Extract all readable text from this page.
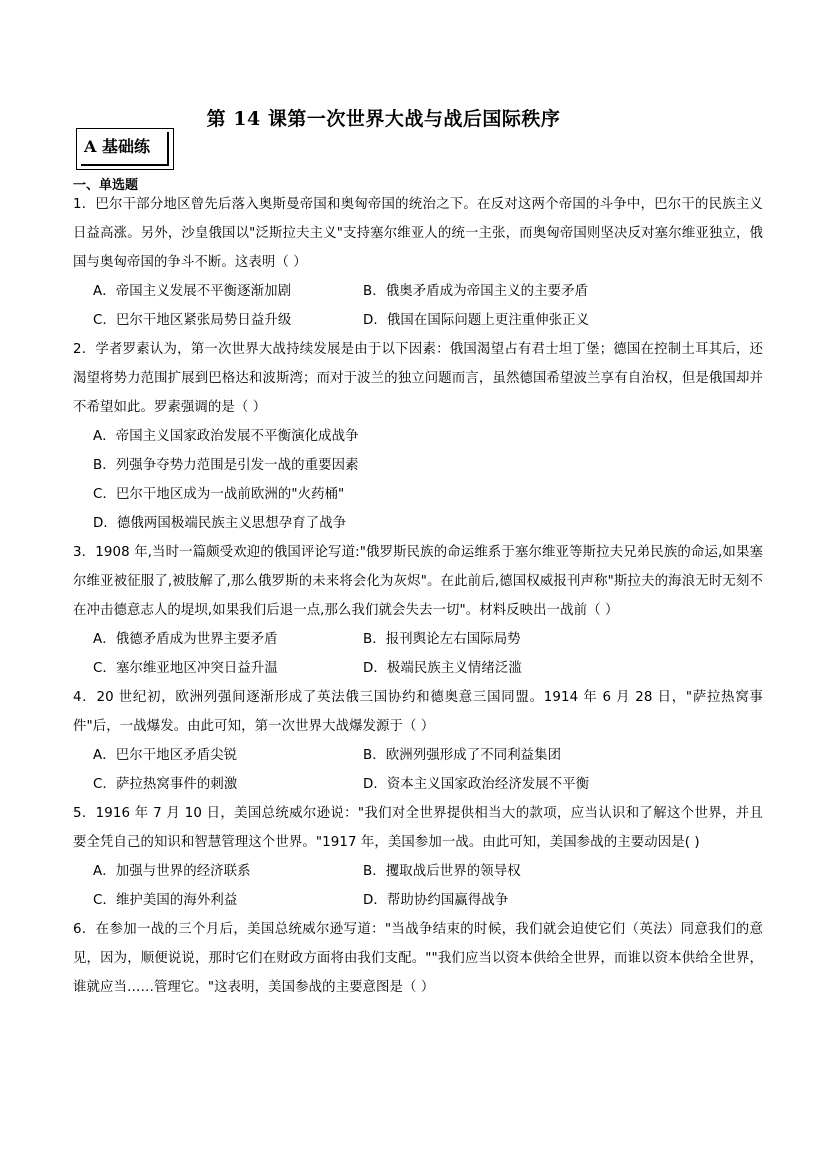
第 14 课第一次世界大战与战后国际秩序
A 基础练
一、单选题
1．巴尔干部分地区曾先后落入奥斯曼帝国和奥匈帝国的统治之下。在反对这两个帝国的斗争中，巴尔干的民族主义日益高涨。另外，沙皇俄国以"泛斯拉夫主义"支持塞尔维亚人的统一主张，而奥匈帝国则坚决反对塞尔维亚独立，俄国与奥匈帝国的争斗不断。这表明（ ）
A．帝国主义发展不平衡逐渐加剧	B．俄奥矛盾成为帝国主义的主要矛盾
C．巴尔干地区紧张局势日益升级	D．俄国在国际问题上更注重伸张正义
2．学者罗素认为，第一次世界大战持续发展是由于以下因素：俄国渴望占有君士坦丁堡；德国在控制土耳其后，还渴望将势力范围扩展到巴格达和波斯湾；而对于波兰的独立问题而言，虽然德国希望波兰享有自治权，但是俄国却并不希望如此。罗素强调的是（ ）
A．帝国主义国家政治发展不平衡演化成战争
B．列强争夺势力范围是引发一战的重要因素
C．巴尔干地区成为一战前欧洲的"火药桶"
D．德俄两国极端民族主义思想孕育了战争
3．1908 年,当时一篇颇受欢迎的俄国评论写道:"俄罗斯民族的命运维系于塞尔维亚等斯拉夫兄弟民族的命运,如果塞尔维亚被征服了,被肢解了,那么俄罗斯的未来将会化为灰烬"。在此前后,德国权威报刊声称"斯拉夫的海浪无时无刻不在冲击德意志人的堤坝,如果我们后退一点,那么我们就会失去一切"。材料反映出一战前（ ）
A．俄德矛盾成为世界主要矛盾	B．报刊舆论左右国际局势
C．塞尔维亚地区冲突日益升温	D．极端民族主义情绪泛滥
4．20 世纪初，欧洲列强间逐渐形成了英法俄三国协约和德奥意三国同盟。1914 年 6 月 28 日，"萨拉热窝事件"后，一战爆发。由此可知，第一次世界大战爆发源于（ ）
A．巴尔干地区矛盾尖锐	B．欧洲列强形成了不同利益集团
C．萨拉热窝事件的刺激	D．资本主义国家政治经济发展不平衡
5．1916 年 7 月 10 日，美国总统威尔逊说："我们对全世界提供相当大的款项，应当认识和了解这个世界，并且要全凭自己的知识和智慧管理这个世界。"1917 年，美国参加一战。由此可知，美国参战的主要动因是( )
A．加强与世界的经济联系	B．攫取战后世界的领导权
C．维护美国的海外利益	D．帮助协约国赢得战争
6．在参加一战的三个月后，美国总统威尔逊写道："当战争结束的时候，我们就会迫使它们（英法）同意我们的意见，因为，顺便说说，那时它们在财政方面将由我们支配。""我们应当以资本供给全世界，而谁以资本供给全世界，谁就应当……管理它。"这表明，美国参战的主要意图是（ ）
